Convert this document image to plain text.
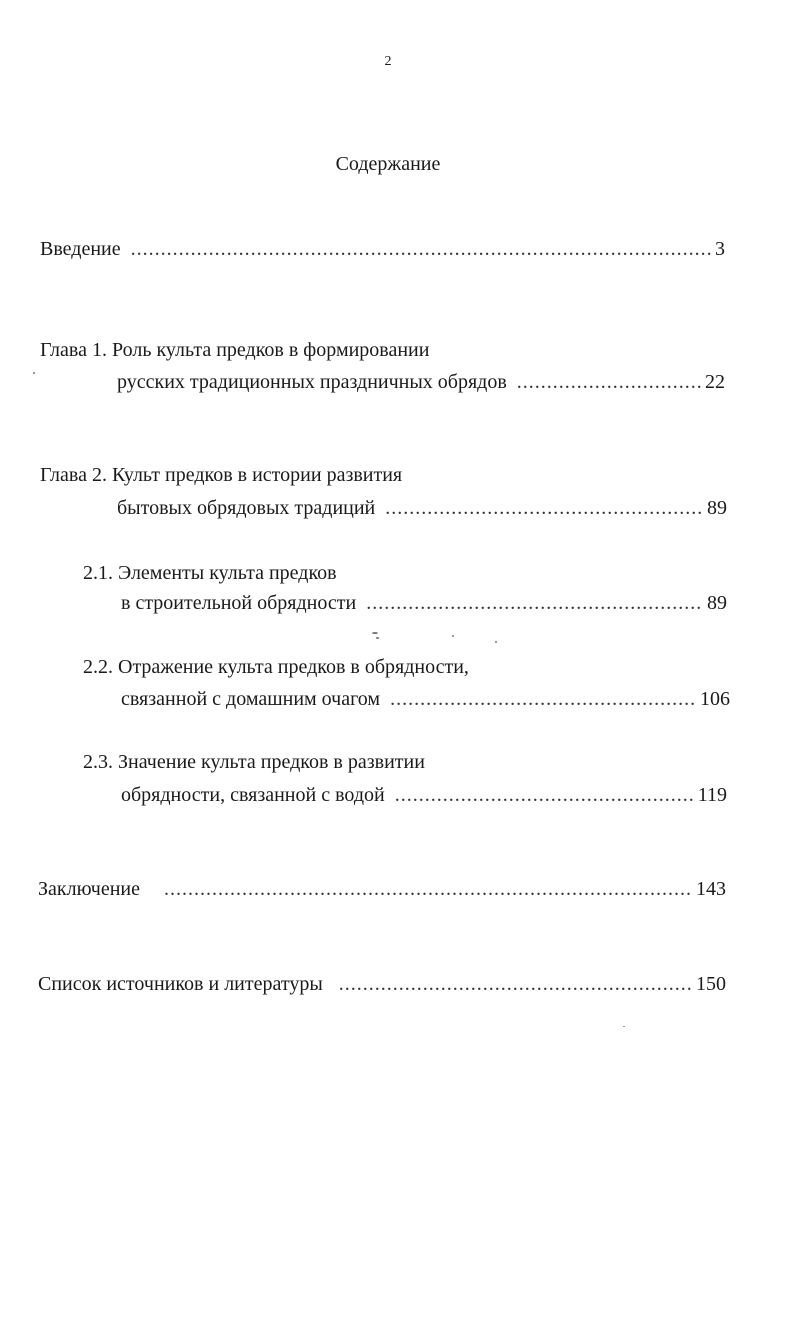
2
Содержание
Введение .....	3
Глава 1. Роль культа предков в формировании
русских традиционных праздничных обрядов .....	22
Глава 2. Культ предков в истории развития
бытовых обрядовых традиций .....	89
2.1. Элементы культа предков
в строительной обрядности .....	89
2.2. Отражение культа предков в обрядности,
связанной с домашним очагом .....	106
2.3. Значение культа предков в развитии
обрядности, связанной с водой .....	119
Заключение .....	143
Список источников и литературы .....	150
